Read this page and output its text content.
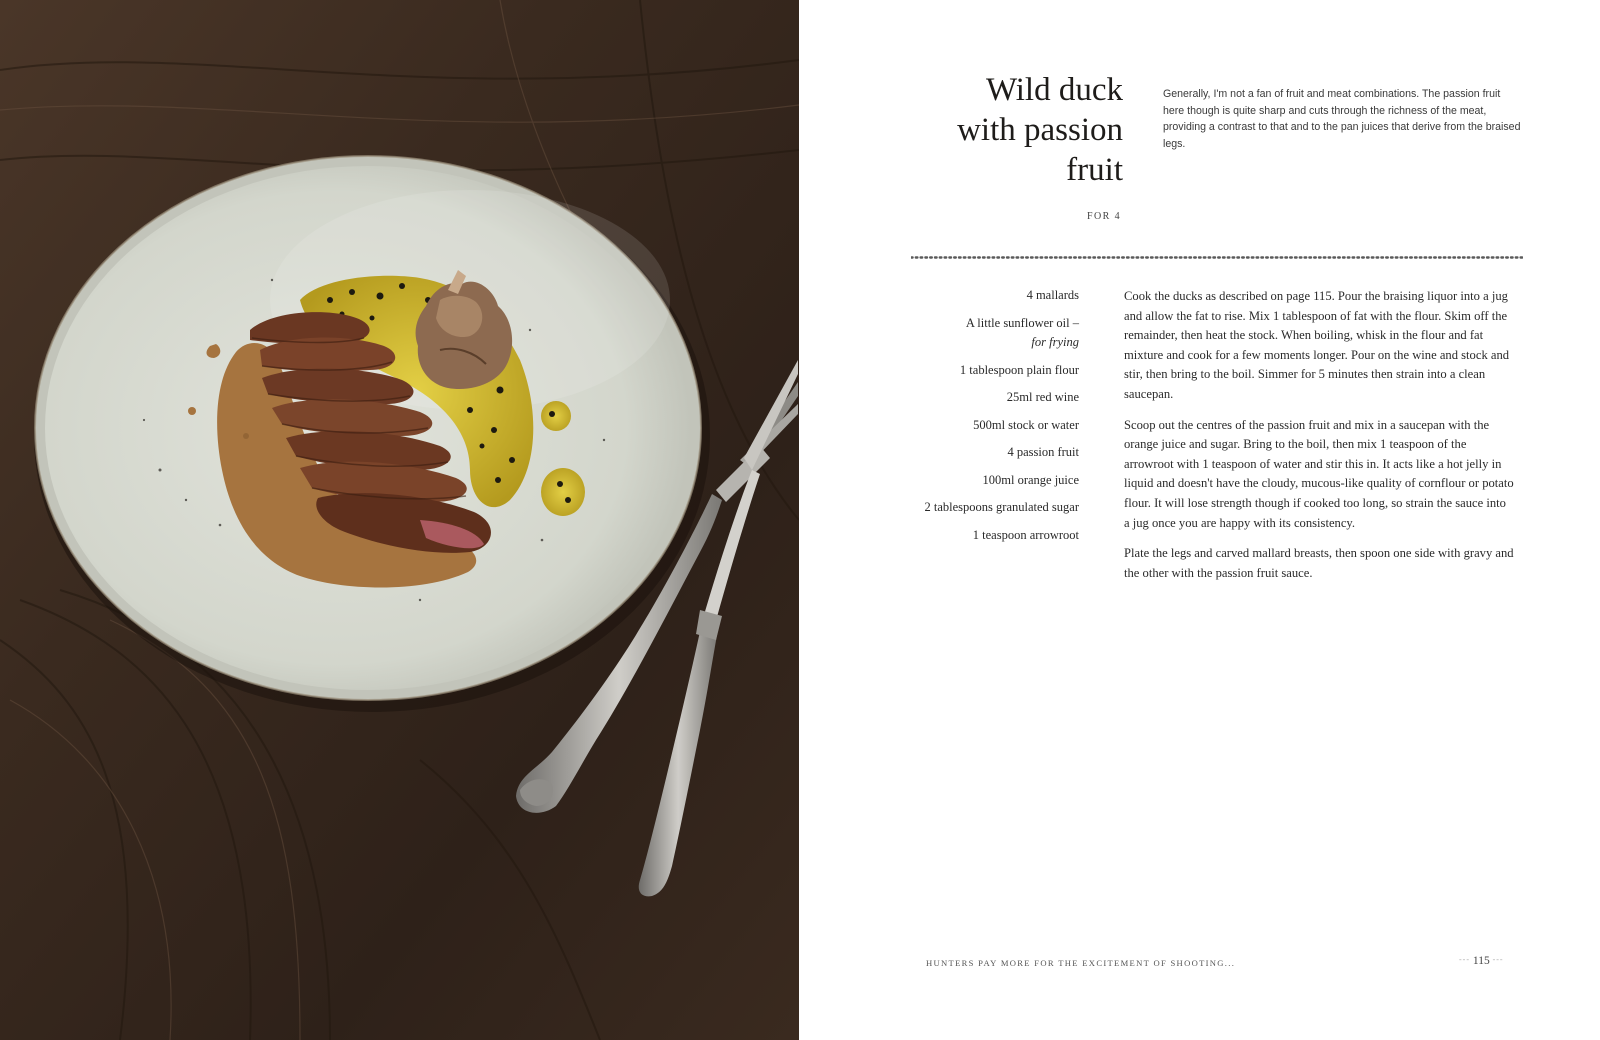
Wild duck
with passion
fruit
FOR 4

Generally, I'm not a fan of fruit and meat combinations. The passion fruit here though is quite sharp and cuts through the richness of the meat, providing a contrast to that and to the pan juices that derive from the braised legs.

4 mallards
A little sunflower oil –
for frying
1 tablespoon plain flour
25ml red wine
500ml stock or water
4 passion fruit
100ml orange juice
2 tablespoons granulated sugar
1 teaspoon arrowroot

Cook the ducks as described on page 115. Pour the braising liquor into a jug and allow the fat to rise. Mix 1 tablespoon of fat with the flour. Skim off the remainder, then heat the stock. When boiling, whisk in the flour and fat mixture and cook for a few moments longer. Pour on the wine and stock and stir, then bring to the boil. Simmer for 5 minutes then strain into a clean saucepan.

Scoop out the centres of the passion fruit and mix in a saucepan with the orange juice and sugar. Bring to the boil, then mix 1 teaspoon of the arrowroot with 1 teaspoon of water and stir this in. It acts like a hot jelly in liquid and doesn't have the cloudy, mucous-like quality of cornflour or potato flour. It will lose strength though if cooked too long, so strain the sauce into a jug once you are happy with its consistency.

Plate the legs and carved mallard breasts, then spoon one side with gravy and the other with the passion fruit sauce.

HUNTERS PAY MORE FOR THE EXCITEMENT OF SHOOTING...	--- 115 ---
